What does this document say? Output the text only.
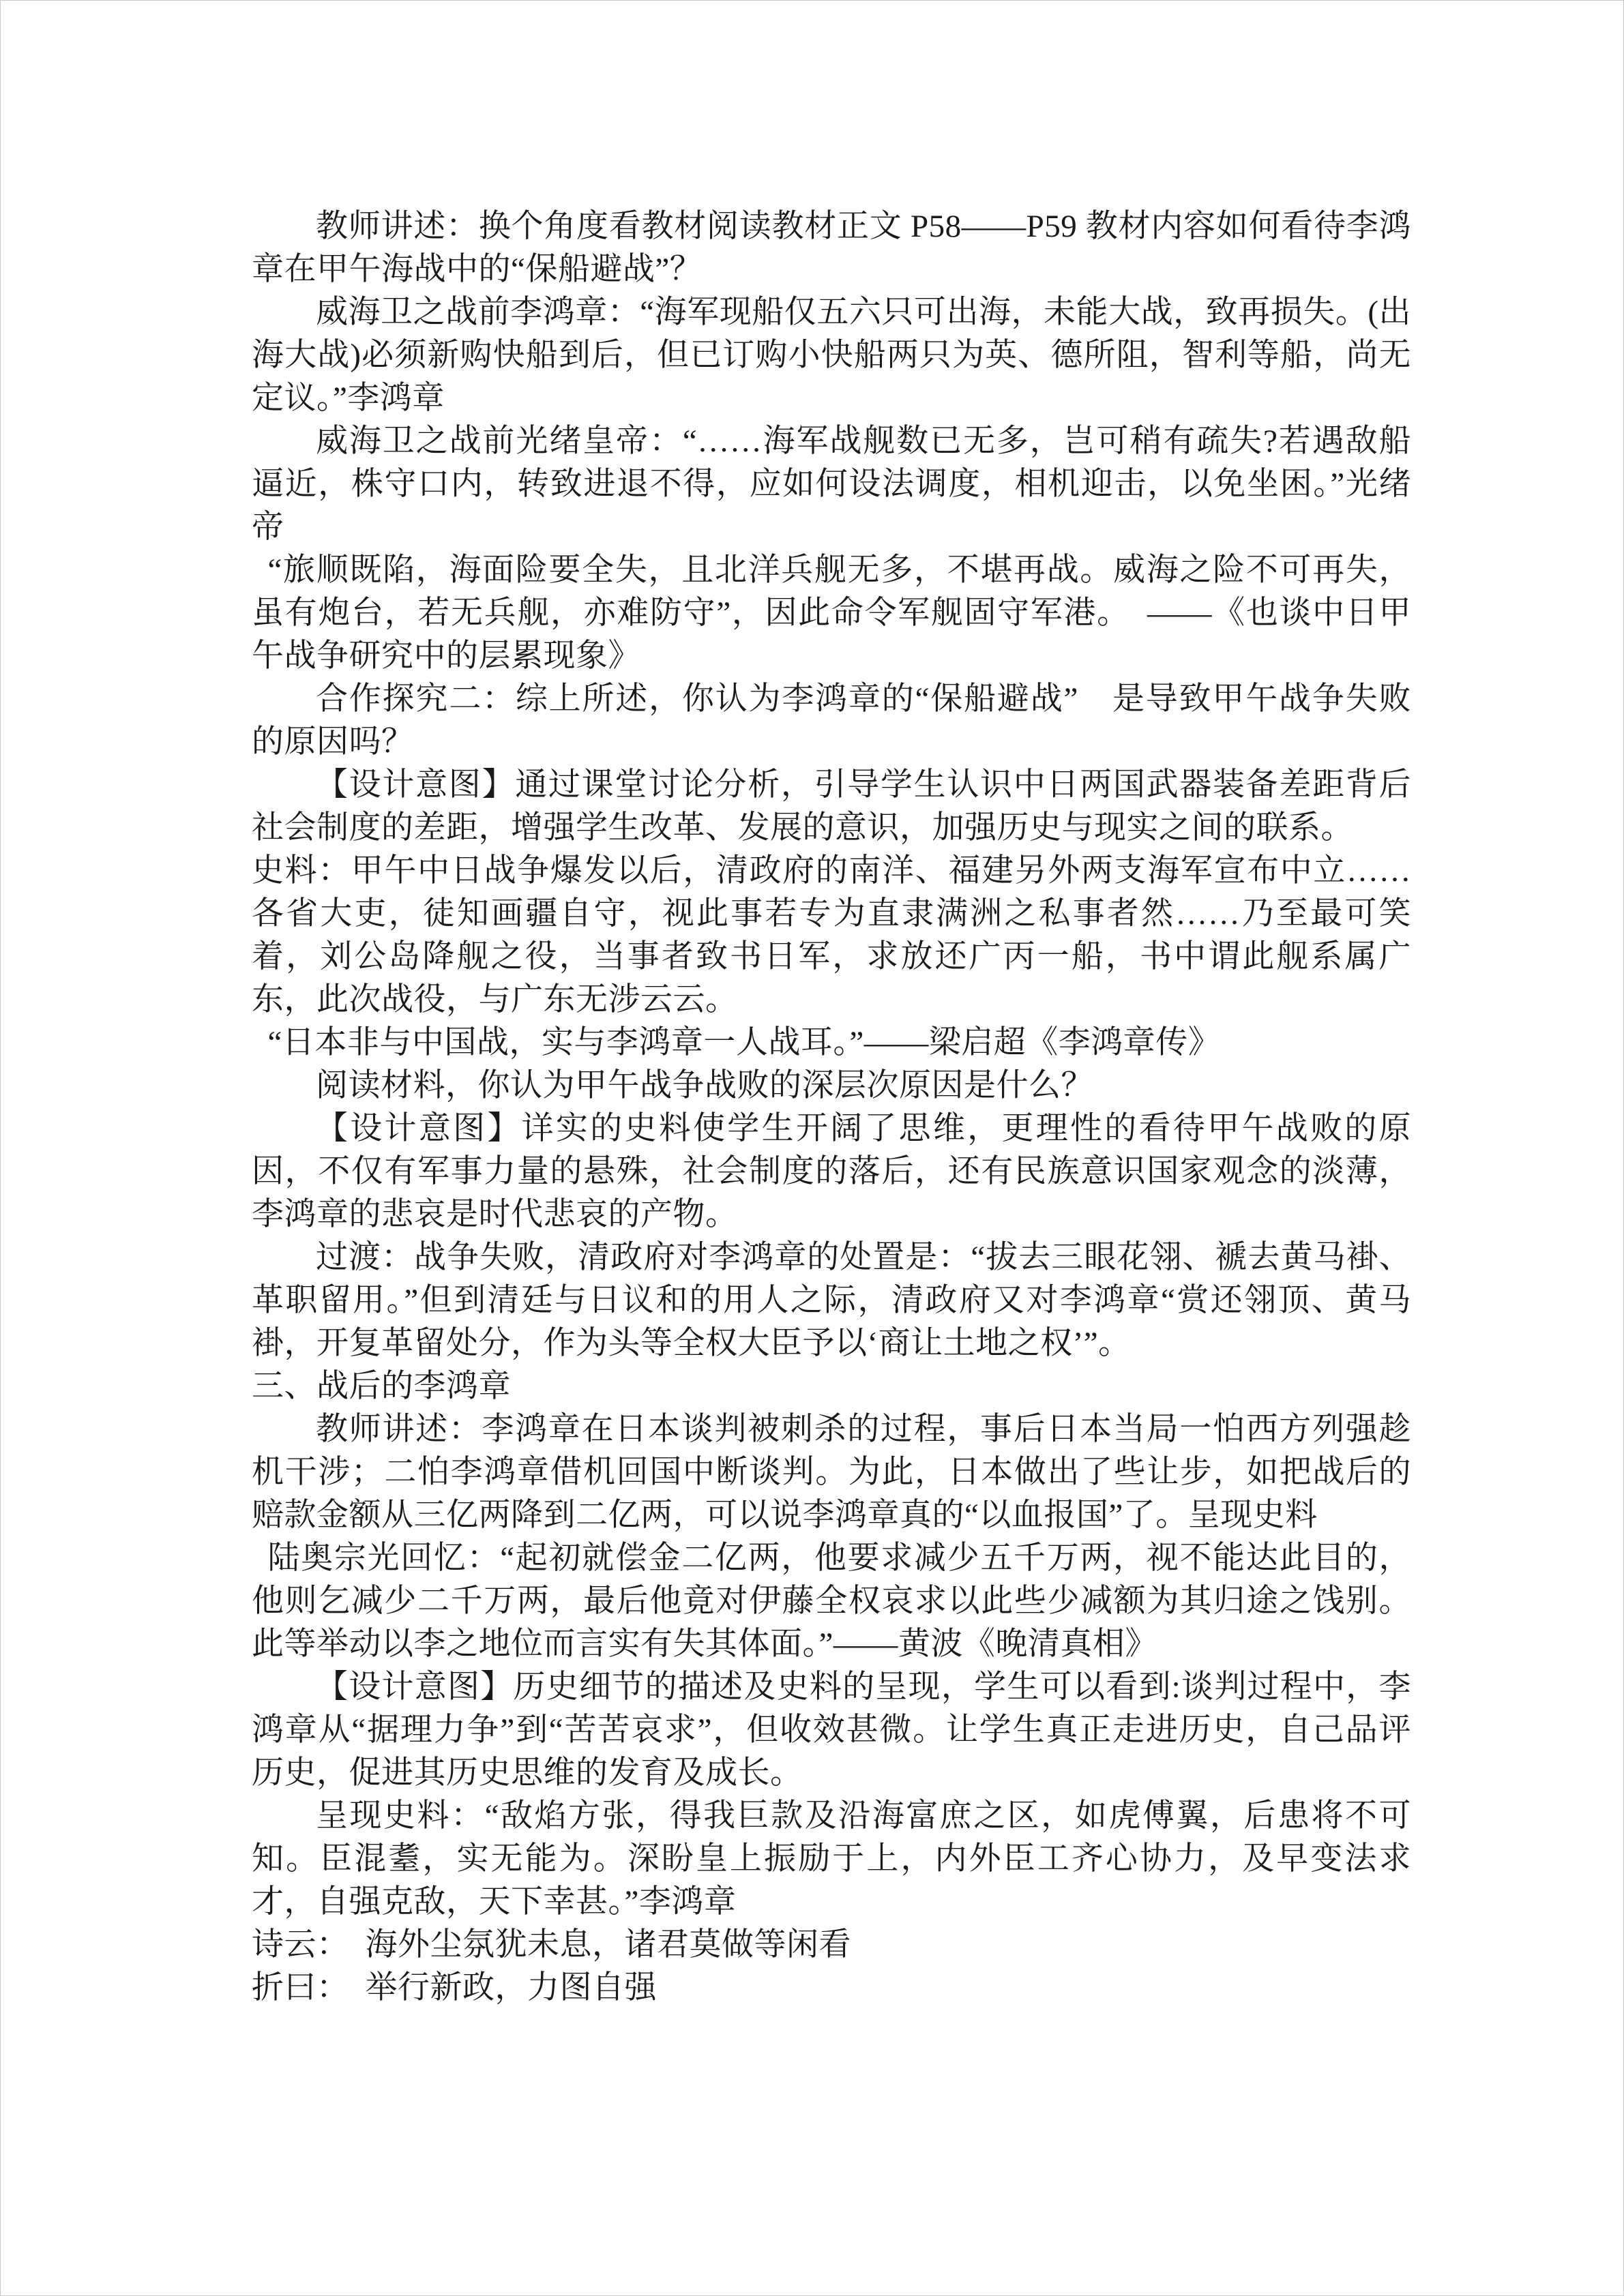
教师讲述：换个角度看教材阅读教材正文 P58——P59 教材内容如何看待李鸿章在甲午海战中的“保船避战”？

威海卫之战前李鸿章：“海军现船仅五六只可出海，未能大战，致再损失。(出海大战)必须新购快船到后，但已订购小快船两只为英、德所阻，智利等船，尚无定议。”李鸿章

威海卫之战前光绪皇帝：“……海军战舰数已无多，岂可稍有疏失?若遇敌船逼近，株守口内，转致进退不得，应如何设法调度，相机迎击，以免坐困。”光绪帝

“旅顺既陷，海面险要全失，且北洋兵舰无多，不堪再战。威海之险不可再失，虽有炮台，若无兵舰，亦难防守”，因此命令军舰固守军港。　——《也谈中日甲午战争研究中的层累现象》

合作探究二：综上所述，你认为李鸿章的“保船避战”　是导致甲午战争失败的原因吗？

【设计意图】通过课堂讨论分析，引导学生认识中日两国武器装备差距背后社会制度的差距，增强学生改革、发展的意识，加强历史与现实之间的联系。

史料：甲午中日战争爆发以后，清政府的南洋、福建另外两支海军宣布中立……各省大吏，徒知画疆自守，视此事若专为直隶满洲之私事者然……乃至最可笑着，刘公岛降舰之役，当事者致书日军，求放还广丙一船，书中谓此舰系属广东，此次战役，与广东无涉云云。

“日本非与中国战，实与李鸿章一人战耳。”——梁启超《李鸿章传》

阅读材料，你认为甲午战争战败的深层次原因是什么？

【设计意图】详实的史料使学生开阔了思维，更理性的看待甲午战败的原因，不仅有军事力量的悬殊，社会制度的落后，还有民族意识国家观念的淡薄，李鸿章的悲哀是时代悲哀的产物。

过渡：战争失败，清政府对李鸿章的处置是：“拔去三眼花翎、褫去黄马褂、革职留用。”但到清廷与日议和的用人之际，清政府又对李鸿章“赏还翎顶、黄马褂，开复革留处分，作为头等全权大臣予以‘商让土地之权’”。

三、战后的李鸿章

教师讲述：李鸿章在日本谈判被刺杀的过程，事后日本当局一怕西方列强趁机干涉；二怕李鸿章借机回国中断谈判。为此，日本做出了些让步，如把战后的赔款金额从三亿两降到二亿两，可以说李鸿章真的“以血报国”了。呈现史料

陆奥宗光回忆：“起初就偿金二亿两，他要求减少五千万两，视不能达此目的，他则乞减少二千万两，最后他竟对伊藤全权哀求以此些少减额为其归途之饯别。此等举动以李之地位而言实有失其体面。”——黄波《晚清真相》

【设计意图】历史细节的描述及史料的呈现，学生可以看到:谈判过程中，李鸿章从“据理力争”到“苦苦哀求”，但收效甚微。让学生真正走进历史，自己品评历史，促进其历史思维的发育及成长。

呈现史料：“敌焰方张，得我巨款及沿海富庶之区，如虎傅翼，后患将不可知。臣混耋，实无能为。深盼皇上振励于上，内外臣工齐心协力，及早变法求才，自强克敌，天下幸甚。”李鸿章

诗云：　海外尘氛犹未息，诸君莫做等闲看

折曰：　举行新政，力图自强
